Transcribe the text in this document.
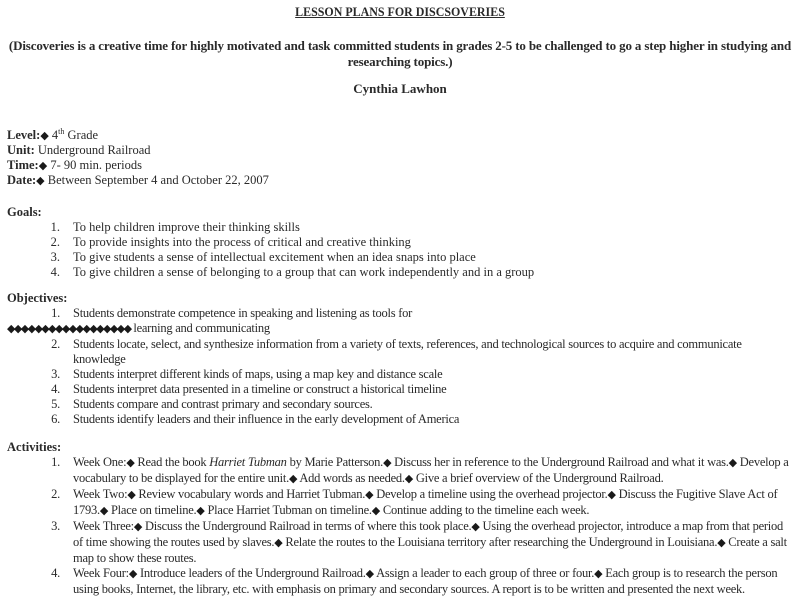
LESSON PLANS FOR DISCSOVERIES
(Discoveries is a creative time for highly motivated and task committed students in grades 2-5 to be challenged to go a step higher in studying and researching topics.)
Cynthia Lawhon
Level:◆ 4th Grade
Unit: Underground Railroad
Time:◆ 7- 90 min. periods
Date:◆ Between September 4 and October 22, 2007
Goals:
1. To help children improve their thinking skills
2. To provide insights into the process of critical and creative thinking
3. To give students a sense of intellectual excitement when an idea snaps into place
4. To give children a sense of belonging to a group that can work independently and in a group
Objectives:
1. Students demonstrate competence in speaking and listening as tools for
◆◆◆◆◆◆◆◆◆◆◆◆◆◆◆◆◆◆ learning and communicating
2. Students locate, select, and synthesize information from a variety of texts, references, and technological sources to acquire and communicate knowledge
3. Students interpret different kinds of maps, using a map key and distance scale
4. Students interpret data presented in a timeline or construct a historical timeline
5. Students compare and contrast primary and secondary sources.
6. Students identify leaders and their influence in the early development of America
Activities:
1. Week One:◆ Read the book Harriet Tubman by Marie Patterson.◆ Discuss her in reference to the Underground Railroad and what it was.◆ Develop a vocabulary to be displayed for the entire unit.◆ Add words as needed.◆ Give a brief overview of the Underground Railroad.
2. Week Two:◆ Review vocabulary words and Harriet Tubman.◆ Develop a timeline using the overhead projector.◆ Discuss the Fugitive Slave Act of 1793.◆ Place on timeline.◆ Place Harriet Tubman on timeline.◆ Continue adding to the timeline each week.
3. Week Three:◆ Discuss the Underground Railroad in terms of where this took place.◆ Using the overhead projector, introduce a map from that period of time showing the routes used by slaves.◆ Relate the routes to the Louisiana territory after researching the Underground in Louisiana.◆ Create a salt map to show these routes.
4. Week Four:◆ Introduce leaders of the Underground Railroad.◆ Assign a leader to each group of three or four.◆ Each group is to research the person using books, Internet, the library, etc. with emphasis on primary and secondary sources. A report is to be written and presented the next week.
